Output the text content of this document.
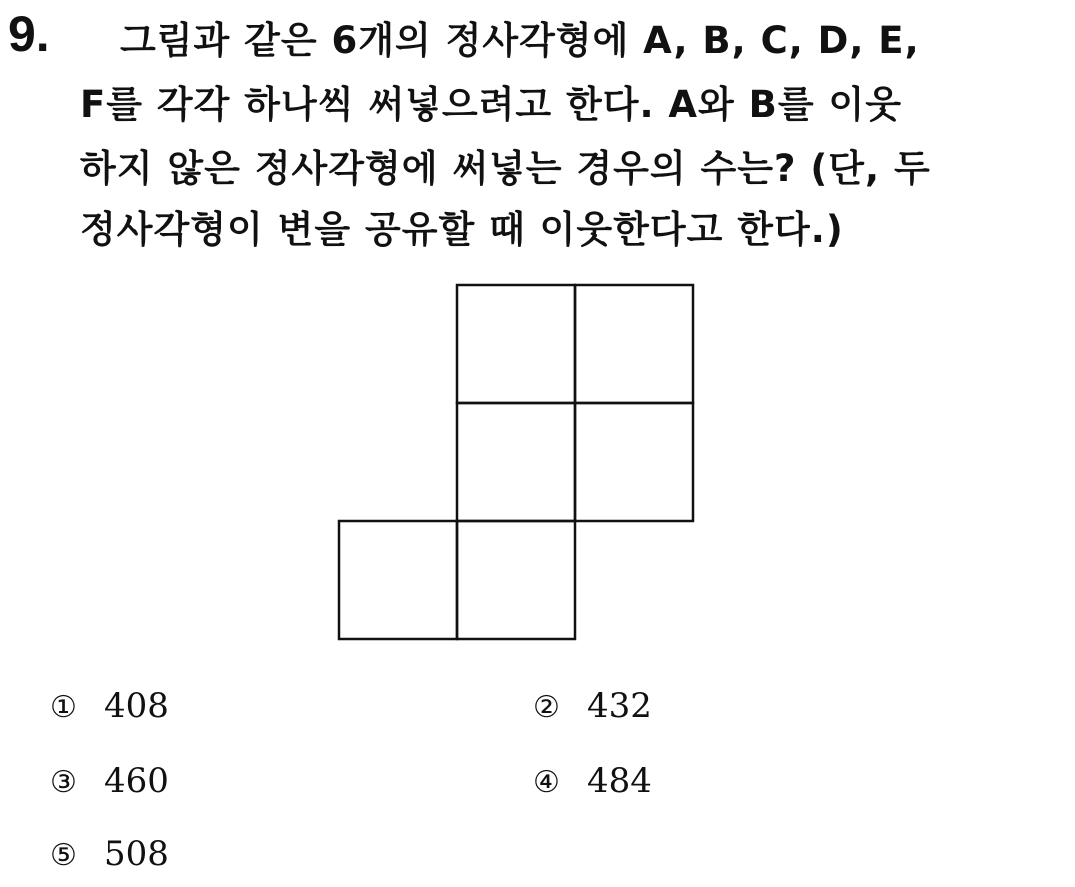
9. 그림과 같은 6개의 정사각형에 A, B, C, D, E,
F를 각각 하나씩 써넣으려고 한다. A와 B를 이웃
하지 않은 정사각형에 써넣는 경우의 수는? (단, 두
정사각형이 변을 공유할 때 이웃한다고 한다.)
① 408	② 432
③ 460	④ 484
⑤ 508
